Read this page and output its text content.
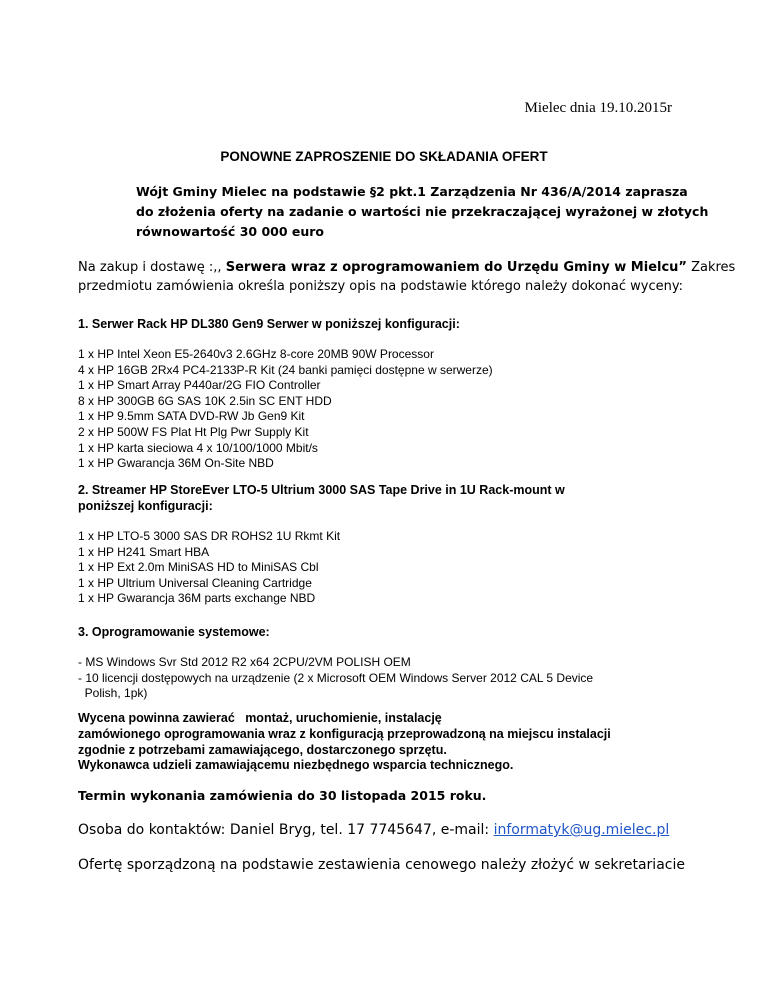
Mielec dnia 19.10.2015r
PONOWNE ZAPROSZENIE DO SKŁADANIA OFERT
Wójt Gminy Mielec na podstawie §2 pkt.1 Zarządzenia Nr 436/A/2014 zaprasza
do złożenia oferty na zadanie o wartości nie przekraczającej wyrażonej w złotych
równowartość 30 000 euro
Na zakup i dostawę :,, Serwera wraz z oprogramowaniem do Urzędu Gminy w Mielcu” Zakres
przedmiotu zamówienia określa poniższy opis na podstawie którego należy dokonać wyceny:
1. Serwer Rack HP DL380 Gen9 Serwer w poniższej konfiguracji:
1 x HP Intel Xeon E5-2640v3 2.6GHz 8-core 20MB 90W Processor
4 x HP 16GB 2Rx4 PC4-2133P-R Kit (24 banki pamięci dostępne w serwerze)
1 x HP Smart Array P440ar/2G FIO Controller
8 x HP 300GB 6G SAS 10K 2.5in SC ENT HDD
1 x HP 9.5mm SATA DVD-RW Jb Gen9 Kit
2 x HP 500W FS Plat Ht Plg Pwr Supply Kit
1 x HP karta sieciowa 4 x 10/100/1000 Mbit/s
1 x HP Gwarancja 36M On-Site NBD
2. Streamer HP StoreEver LTO-5 Ultrium 3000 SAS Tape Drive in 1U Rack-mount w
poniższej konfiguracji:
1 x HP LTO-5 3000 SAS DR ROHS2 1U Rkmt Kit
1 x HP H241 Smart HBA
1 x HP Ext 2.0m MiniSAS HD to MiniSAS Cbl
1 x HP Ultrium Universal Cleaning Cartridge
1 x HP Gwarancja 36M parts exchange NBD
3. Oprogramowanie systemowe:
- MS Windows Svr Std 2012 R2 x64 2CPU/2VM POLISH OEM
- 10 licencji dostępowych na urządzenie (2 x Microsoft OEM Windows Server 2012 CAL 5 Device
Polish, 1pk)
Wycena powinna zawierać   montaż, uruchomienie, instalację
zamówionego oprogramowania wraz z konfiguracją przeprowadzoną na miejscu instalacji
zgodnie z potrzebami zamawiającego, dostarczonego sprzętu.
Wykonawca udzieli zamawiającemu niezbędnego wsparcia technicznego.
Termin wykonania zamówienia do 30 listopada 2015 roku.
Osoba do kontaktów: Daniel Bryg, tel. 17 7745647, e-mail: informatyk@ug.mielec.pl
Ofertę sporządzoną na podstawie zestawienia cenowego należy złożyć w sekretariacie
